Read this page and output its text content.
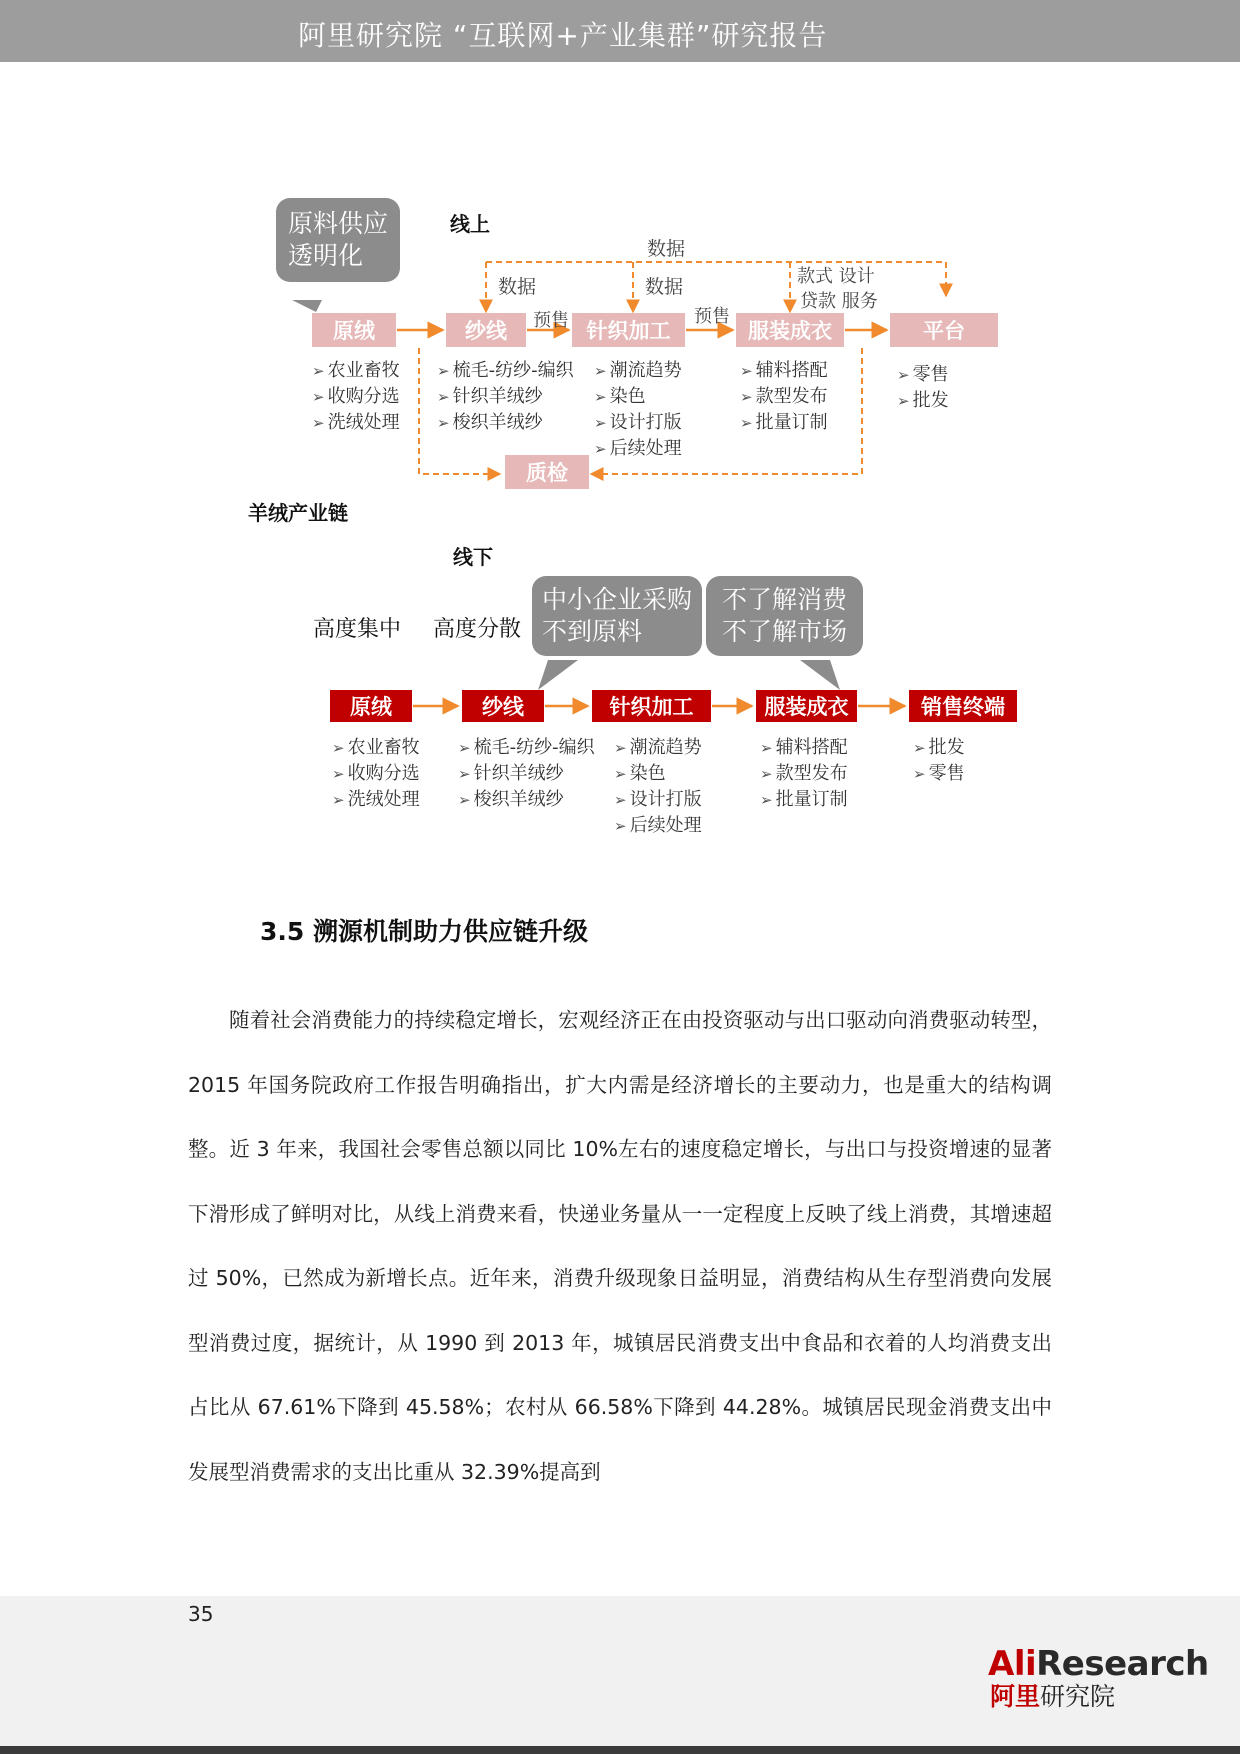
阿里研究院 “互联网+产业集群”研究报告
原料供应
透明化
线上
数据
数据	数据	款式 设计
贷款 服务
预售	预售
原绒	纱线	针织加工	服装成衣	平台
质检
➢ 农业畜牧
➢ 收购分选
➢ 洗绒处理
➢ 梳毛-纺纱-编织
➢ 针织羊绒纱
➢ 梭织羊绒纱
➢ 潮流趋势
➢ 染色
➢ 设计打版
➢ 后续处理
➢ 辅料搭配
➢ 款型发布
➢ 批量订制
➢ 零售
➢ 批发
羊绒产业链
线下
高度集中 高度分散
中小企业采购
不到原料
不了解消费
不了解市场
原绒	纱线	针织加工	服装成衣	销售终端
➢ 农业畜牧
➢ 收购分选
➢ 洗绒处理
➢ 梳毛-纺纱-编织
➢ 针织羊绒纱
➢ 梭织羊绒纱
➢ 潮流趋势
➢ 染色
➢ 设计打版
➢ 后续处理
➢ 辅料搭配
➢ 款型发布
➢ 批量订制
➢ 批发
➢ 零售
3.5 溯源机制助力供应链升级

随着社会消费能力的持续稳定增长，宏观经济正在由投资驱动与出口驱动向消费驱动转型，2015 年国务院政府工作报告明确指出，扩大内需是经济增长的主要动力，也是重大的结构调整。近 3 年来，我国社会零售总额以同比 10%左右的速度稳定增长，与出口与投资增速的显著下滑形成了鲜明对比，从线上消费来看，快递业务量从一一定程度上反映了线上消费，其增速超过 50%，已然成为新增长点。近年来，消费升级现象日益明显，消费结构从生存型消费向发展型消费过度，据统计，从 1990 到 2013 年，城镇居民消费支出中食品和衣着的人均消费支出占比从 67.61%下降到 45.58%；农村从 66.58%下降到 44.28%。城镇居民现金消费支出中发展型消费需求的支出比重从 32.39%提高到

35
AliResearch
阿里研究院
